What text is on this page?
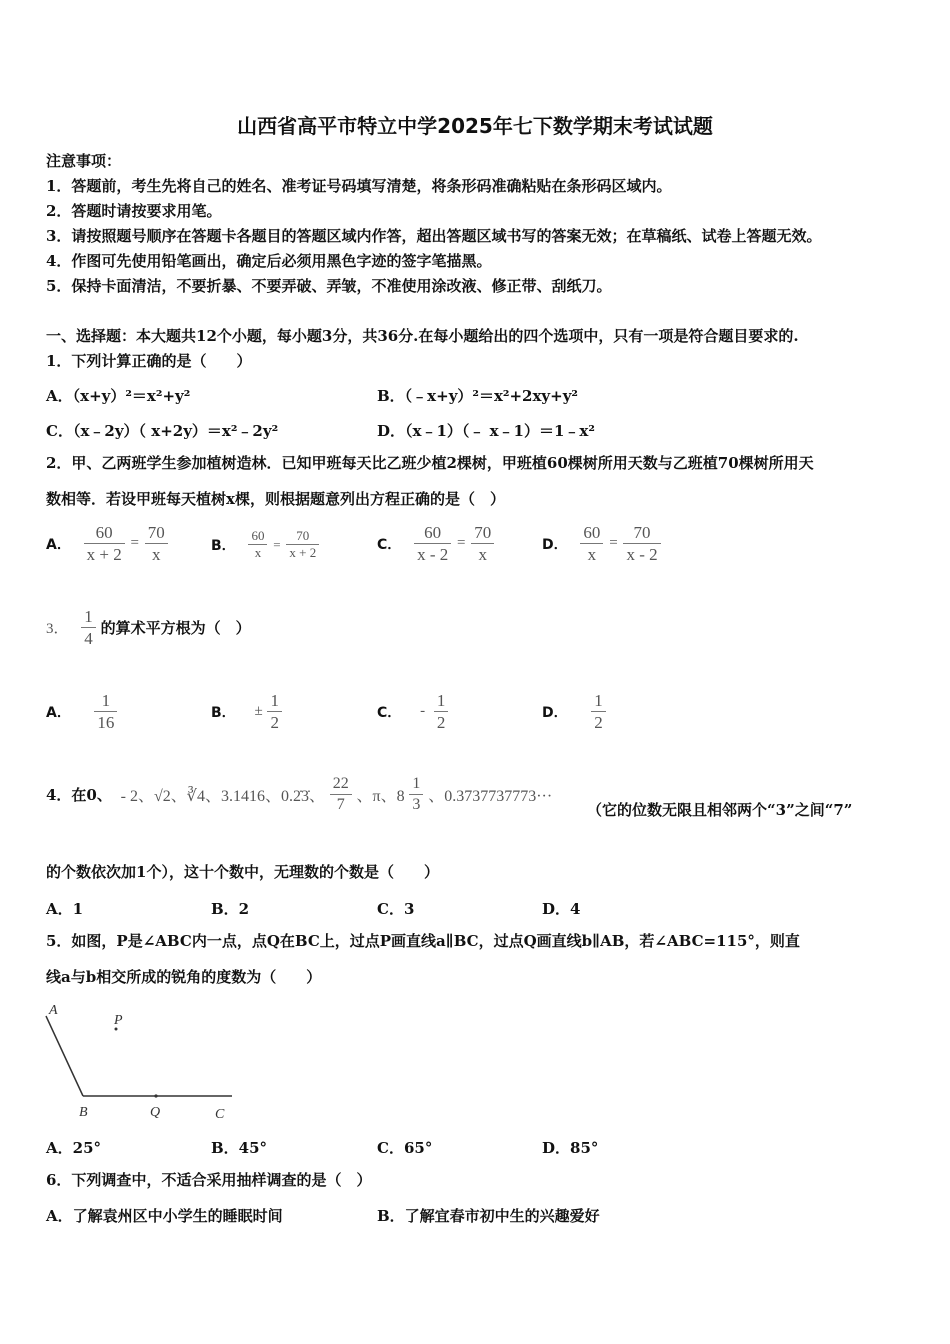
山西省高平市特立中学2025年七下数学期末考试试题
注意事项：
1．答题前，考生先将自己的姓名、准考证号码填写清楚，将条形码准确粘贴在条形码区域内。
2．答题时请按要求用笔。
3．请按照题号顺序在答题卡各题目的答题区域内作答，超出答题区域书写的答案无效；在草稿纸、试卷上答题无效。
4．作图可先使用铅笔画出，确定后必须用黑色字迹的签字笔描黑。
5．保持卡面清洁，不要折暴、不要弄破、弄皱，不准使用涂改液、修正带、刮纸刀。
一、选择题：本大题共12个小题，每小题3分，共36分.在每小题给出的四个选项中，只有一项是符合题目要求的.
1．下列计算正确的是（　　）
A．（x+y）²＝x²+y²	B．（﹣x+y）²＝x²+2xy+y²
C．（x﹣2y）（ x+2y）＝x²﹣2y²	D．（x﹣1）（﹣ x﹣1）＝1﹣x²
2．甲、乙两班学生参加植树造林．已知甲班每天比乙班少植2棵树，甲班植60棵树所用天数与乙班植70棵树所用天
数相等．若设甲班每天植树x棵，则根据题意列出方程正确的是（　）
A． $\frac{60}{x + 2} = \frac{70}{x}$	B． $\frac{60}{x} = \frac{70}{x + 2}$	C． $\frac{60}{x - 2} = \frac{70}{x}$	D． $\frac{60}{x} = \frac{70}{x - 2}$
3． $\frac{1}{4}$ 的算术平方根为（　）
A． $\frac{1}{16}$	B． ± $\frac{1}{2}$	C． - $\frac{1}{2}$	D． $\frac{1}{2}$
4．在0、 - 2、√2、∛4、3.1416、0.2̇3̇、 $\frac{22}{7}$ 、π、$8 \frac{1}{3}$ 、0.3737737773···
（它的位数无限且相邻两个“3”之间“7”
的个数依次加1个），这十个数中，无理数的个数是（　　）
A．1	B．2	C．3	D．4
5．如图，P是∠ABC内一点，点Q在BC上，过点P画直线a∥BC，过点Q画直线b∥AB，若∠ABC=115°，则直
线a与b相交所成的锐角的度数为（　　）
A
P
B	Q	C
A．25°	B．45°	C．65°	D．85°
6．下列调查中，不适合采用抽样调查的是（　）
A．了解袁州区中小学生的睡眠时间	B．了解宜春市初中生的兴趣爱好
